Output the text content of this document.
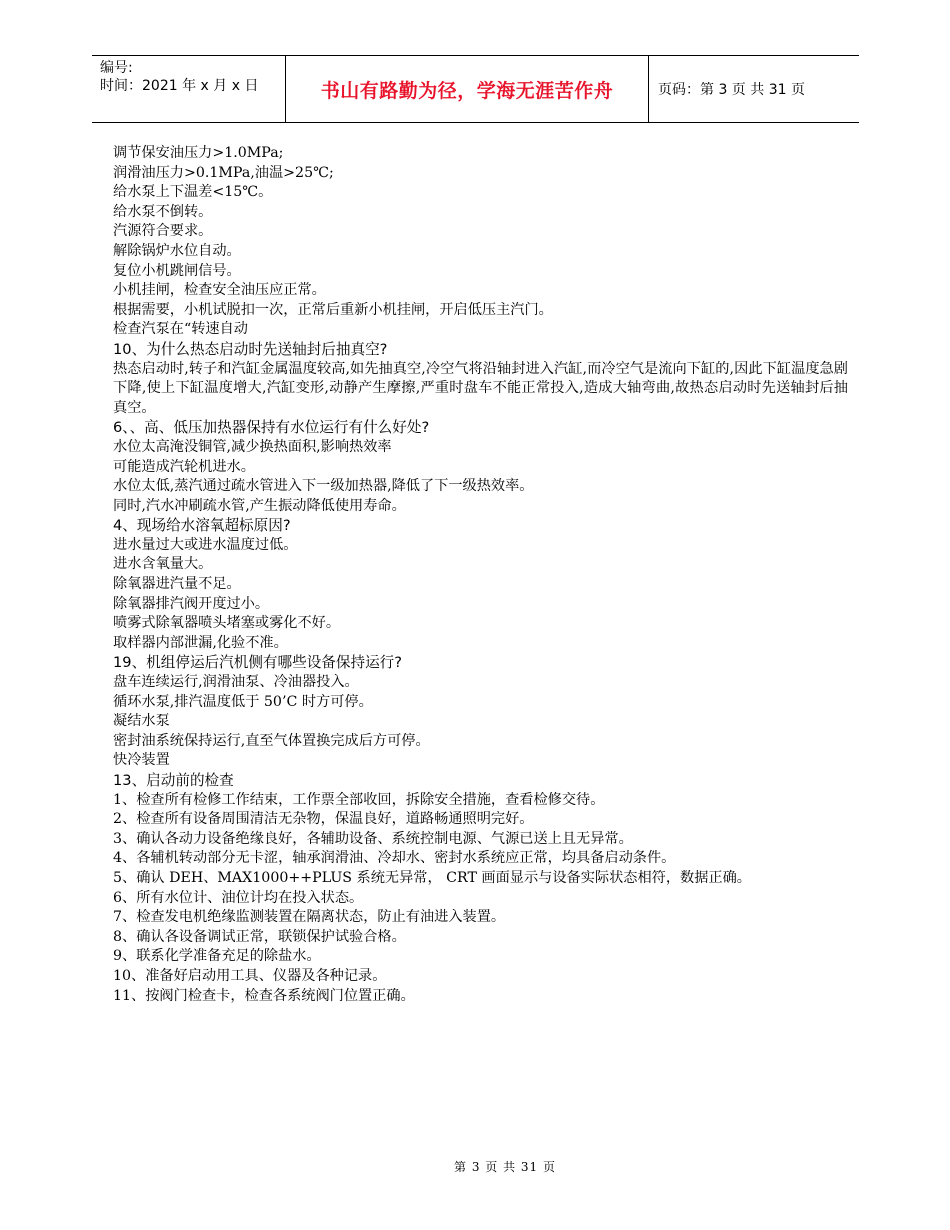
编号:
时间：2021 年 x 月 x 日	书山有路勤为径，学海无涯苦作舟	页码：第 3 页 共 31 页
调节保安油压力>1.0MPa;
润滑油压力>0.1MPa,油温>25℃;
给水泵上下温差<15℃。
给水泵不倒转。
汽源符合要求。
解除锅炉水位自动。
复位小机跳闸信号。
小机挂闸，检查安全油压应正常。
根据需要，小机试脱扣一次，正常后重新小机挂闸，开启低压主汽门。
检查汽泵在“转速自动
10、为什么热态启动时先送轴封后抽真空?
热态启动时,转子和汽缸金属温度较高,如先抽真空,冷空气将沿轴封进入汽缸,而冷空气是流向下缸的,因此下缸温度急剧下降,使上下缸温度增大,汽缸变形,动静产生摩擦,严重时盘车不能正常投入,造成大轴弯曲,故热态启动时先送轴封后抽真空。
6、、高、低压加热器保持有水位运行有什么好处?
水位太高淹没铜管,减少换热面积,影响热效率
可能造成汽轮机进水。
水位太低,蒸汽通过疏水管进入下一级加热器,降低了下一级热效率。
同时,汽水冲刷疏水管,产生振动降低使用寿命。
4、现场给水溶氧超标原因?
进水量过大或进水温度过低。
进水含氧量大。
除氧器进汽量不足。
除氧器排汽阀开度过小。
喷雾式除氧器喷头堵塞或雾化不好。
取样器内部泄漏,化验不准。
19、机组停运后汽机侧有哪些设备保持运行?
盘车连续运行,润滑油泵、冷油器投入。
循环水泵,排汽温度低于 50’C 时方可停。
凝结水泵
密封油系统保持运行,直至气体置换完成后方可停。
快冷装置
13、启动前的检查
1、检查所有检修工作结束，工作票全部收回，拆除安全措施，查看检修交待。
2、检查所有设备周围清洁无杂物，保温良好，道路畅通照明完好。
3、确认各动力设备绝缘良好，各辅助设备、系统控制电源、气源已送上且无异常。
4、各辅机转动部分无卡涩，轴承润滑油、冷却水、密封水系统应正常，均具备启动条件。
5、确认 DEH、MAX1000++PLUS 系统无异常， CRT 画面显示与设备实际状态相符，数据正确。
6、所有水位计、油位计均在投入状态。
7、检查发电机绝缘监测装置在隔离状态，防止有油进入装置。
8、确认各设备调试正常，联锁保护试验合格。
9、联系化学准备充足的除盐水。
10、准备好启动用工具、仪器及各种记录。
11、按阀门检查卡，检查各系统阀门位置正确。
第 3 页 共 31 页
